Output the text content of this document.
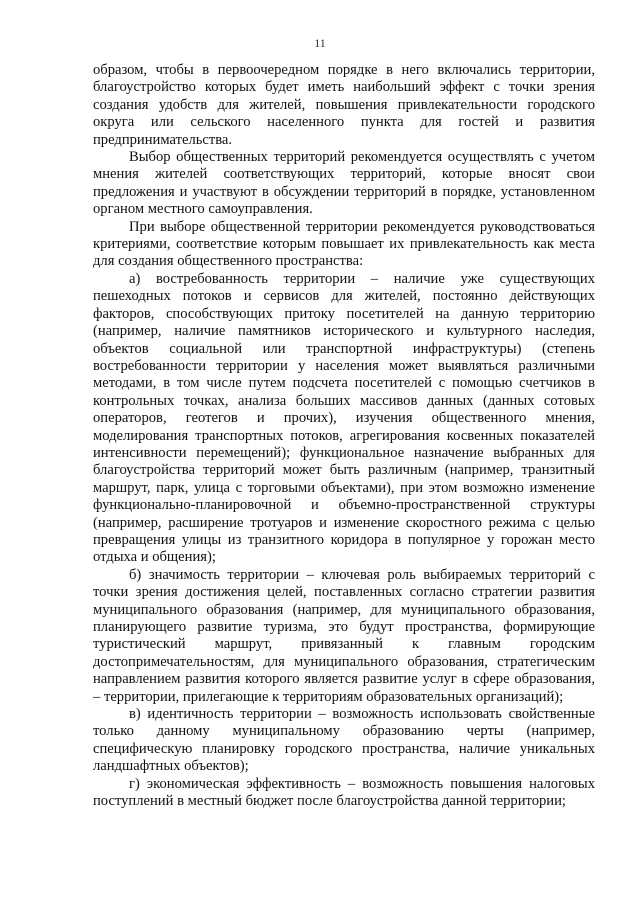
11

образом, чтобы в первоочередном порядке в него включались территории, благоустройство которых будет иметь наибольший эффект с точки зрения создания удобств для жителей, повышения привлекательности городского округа или сельского населенного пункта для гостей и развития предпринимательства.

Выбор общественных территорий рекомендуется осуществлять с учетом мнения жителей соответствующих территорий, которые вносят свои предложения и участвуют в обсуждении территорий в порядке, установленном органом местного самоуправления.

При выборе общественной территории рекомендуется руководствоваться критериями, соответствие которым повышает их привлекательность как места для создания общественного пространства:

а) востребованность территории – наличие уже существующих пешеходных потоков и сервисов для жителей, постоянно действующих факторов, способствующих притоку посетителей на данную территорию (например, наличие памятников исторического и культурного наследия, объектов социальной или транспортной инфраструктуры) (степень востребованности территории у населения может выявляться различными методами, в том числе путем подсчета посетителей с помощью счетчиков в контрольных точках, анализа больших массивов данных (данных сотовых операторов, геотегов и прочих), изучения общественного мнения, моделирования транспортных потоков, агрегирования косвенных показателей интенсивности перемещений); функциональное назначение выбранных для благоустройства территорий может быть различным (например, транзитный маршрут, парк, улица с торговыми объектами), при этом возможно изменение функционально-планировочной и объемно-пространственной структуры (например, расширение тротуаров и изменение скоростного режима с целью превращения улицы из транзитного коридора в популярное у горожан место отдыха и общения);

б) значимость территории – ключевая роль выбираемых территорий с точки зрения достижения целей, поставленных согласно стратегии развития муниципального образования (например, для муниципального образования, планирующего развитие туризма, это будут пространства, формирующие туристический маршрут, привязанный к главным городским достопримечательностям, для муниципального образования, стратегическим направлением развития которого является развитие услуг в сфере образования, – территории, прилегающие к территориям образовательных организаций);

в) идентичность территории – возможность использовать свойственные только данному муниципальному образованию черты (например, специфическую планировку городского пространства, наличие уникальных ландшафтных объектов);

г) экономическая эффективность – возможность повышения налоговых поступлений в местный бюджет после благоустройства данной территории;
